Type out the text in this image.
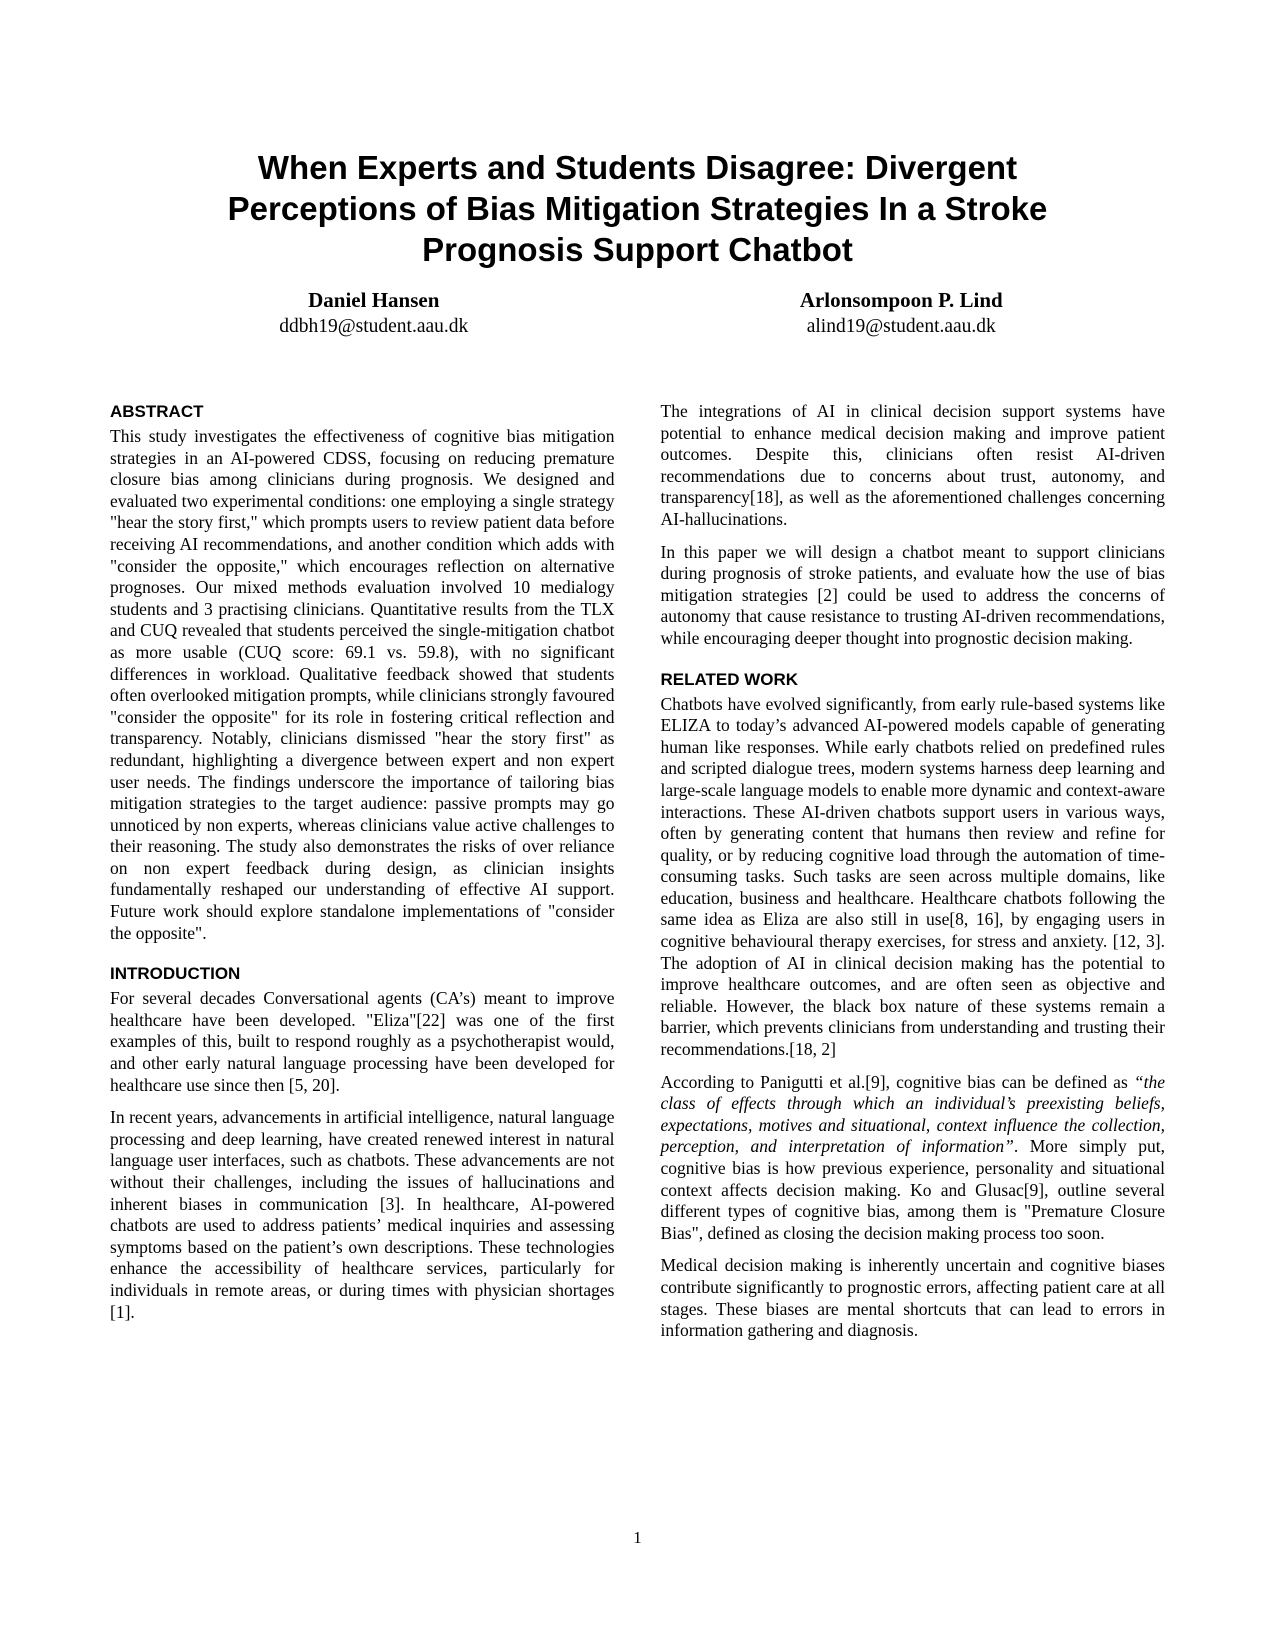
When Experts and Students Disagree: Divergent Perceptions of Bias Mitigation Strategies In a Stroke Prognosis Support Chatbot
Daniel Hansen
ddbh19@student.aau.dk
Arlonsompoon P. Lind
alind19@student.aau.dk
ABSTRACT

This study investigates the effectiveness of cognitive bias mitigation strategies in an AI-powered CDSS, focusing on reducing premature closure bias among clinicians during prognosis. We designed and evaluated two experimental conditions: one employing a single strategy "hear the story first," which prompts users to review patient data before receiving AI recommendations, and another condition which adds with "consider the opposite," which encourages reflection on alternative prognoses. Our mixed methods evaluation involved 10 medialogy students and 3 practising clinicians. Quantitative results from the TLX and CUQ revealed that students perceived the single-mitigation chatbot as more usable (CUQ score: 69.1 vs. 59.8), with no significant differences in workload. Qualitative feedback showed that students often overlooked mitigation prompts, while clinicians strongly favoured "consider the opposite" for its role in fostering critical reflection and transparency. Notably, clinicians dismissed "hear the story first" as redundant, highlighting a divergence between expert and non expert user needs. The findings underscore the importance of tailoring bias mitigation strategies to the target audience: passive prompts may go unnoticed by non experts, whereas clinicians value active challenges to their reasoning. The study also demonstrates the risks of over reliance on non expert feedback during design, as clinician insights fundamentally reshaped our understanding of effective AI support. Future work should explore standalone implementations of "consider the opposite".

INTRODUCTION

For several decades Conversational agents (CA’s) meant to improve healthcare have been developed. "Eliza"[22] was one of the first examples of this, built to respond roughly as a psychotherapist would, and other early natural language processing have been developed for healthcare use since then [5, 20].

In recent years, advancements in artificial intelligence, natural language processing and deep learning, have created renewed interest in natural language user interfaces, such as chatbots. These advancements are not without their challenges, including the issues of hallucinations and inherent biases in communication [3]. In healthcare, AI-powered chatbots are used to address patients’ medical inquiries and assessing symptoms based on the patient’s own descriptions. These technologies enhance the accessibility of healthcare services, particularly for individuals in remote areas, or during times with physician shortages [1].

The integrations of AI in clinical decision support systems have potential to enhance medical decision making and improve patient outcomes. Despite this, clinicians often resist AI-driven recommendations due to concerns about trust, autonomy, and transparency[18], as well as the aforementioned challenges concerning AI-hallucinations.

In this paper we will design a chatbot meant to support clinicians during prognosis of stroke patients, and evaluate how the use of bias mitigation strategies [2] could be used to address the concerns of autonomy that cause resistance to trusting AI-driven recommendations, while encouraging deeper thought into prognostic decision making.

RELATED WORK

Chatbots have evolved significantly, from early rule-based systems like ELIZA to today’s advanced AI-powered models capable of generating human like responses. While early chatbots relied on predefined rules and scripted dialogue trees, modern systems harness deep learning and large-scale language models to enable more dynamic and context-aware interactions. These AI-driven chatbots support users in various ways, often by generating content that humans then review and refine for quality, or by reducing cognitive load through the automation of time-consuming tasks. Such tasks are seen across multiple domains, like education, business and healthcare. Healthcare chatbots following the same idea as Eliza are also still in use[8, 16], by engaging users in cognitive behavioural therapy exercises, for stress and anxiety. [12, 3]. The adoption of AI in clinical decision making has the potential to improve healthcare outcomes, and are often seen as objective and reliable. However, the black box nature of these systems remain a barrier, which prevents clinicians from understanding and trusting their recommendations.[18, 2]

According to Panigutti et al.[9], cognitive bias can be defined as “the class of effects through which an individual’s preexisting beliefs, expectations, motives and situational, context influence the collection, perception, and interpretation of information”. More simply put, cognitive bias is how previous experience, personality and situational context affects decision making. Ko and Glusac[9], outline several different types of cognitive bias, among them is "Premature Closure Bias", defined as closing the decision making process too soon.

Medical decision making is inherently uncertain and cognitive biases contribute significantly to prognostic errors, affecting patient care at all stages. These biases are mental shortcuts that can lead to errors in information gathering and diagnosis.

1
